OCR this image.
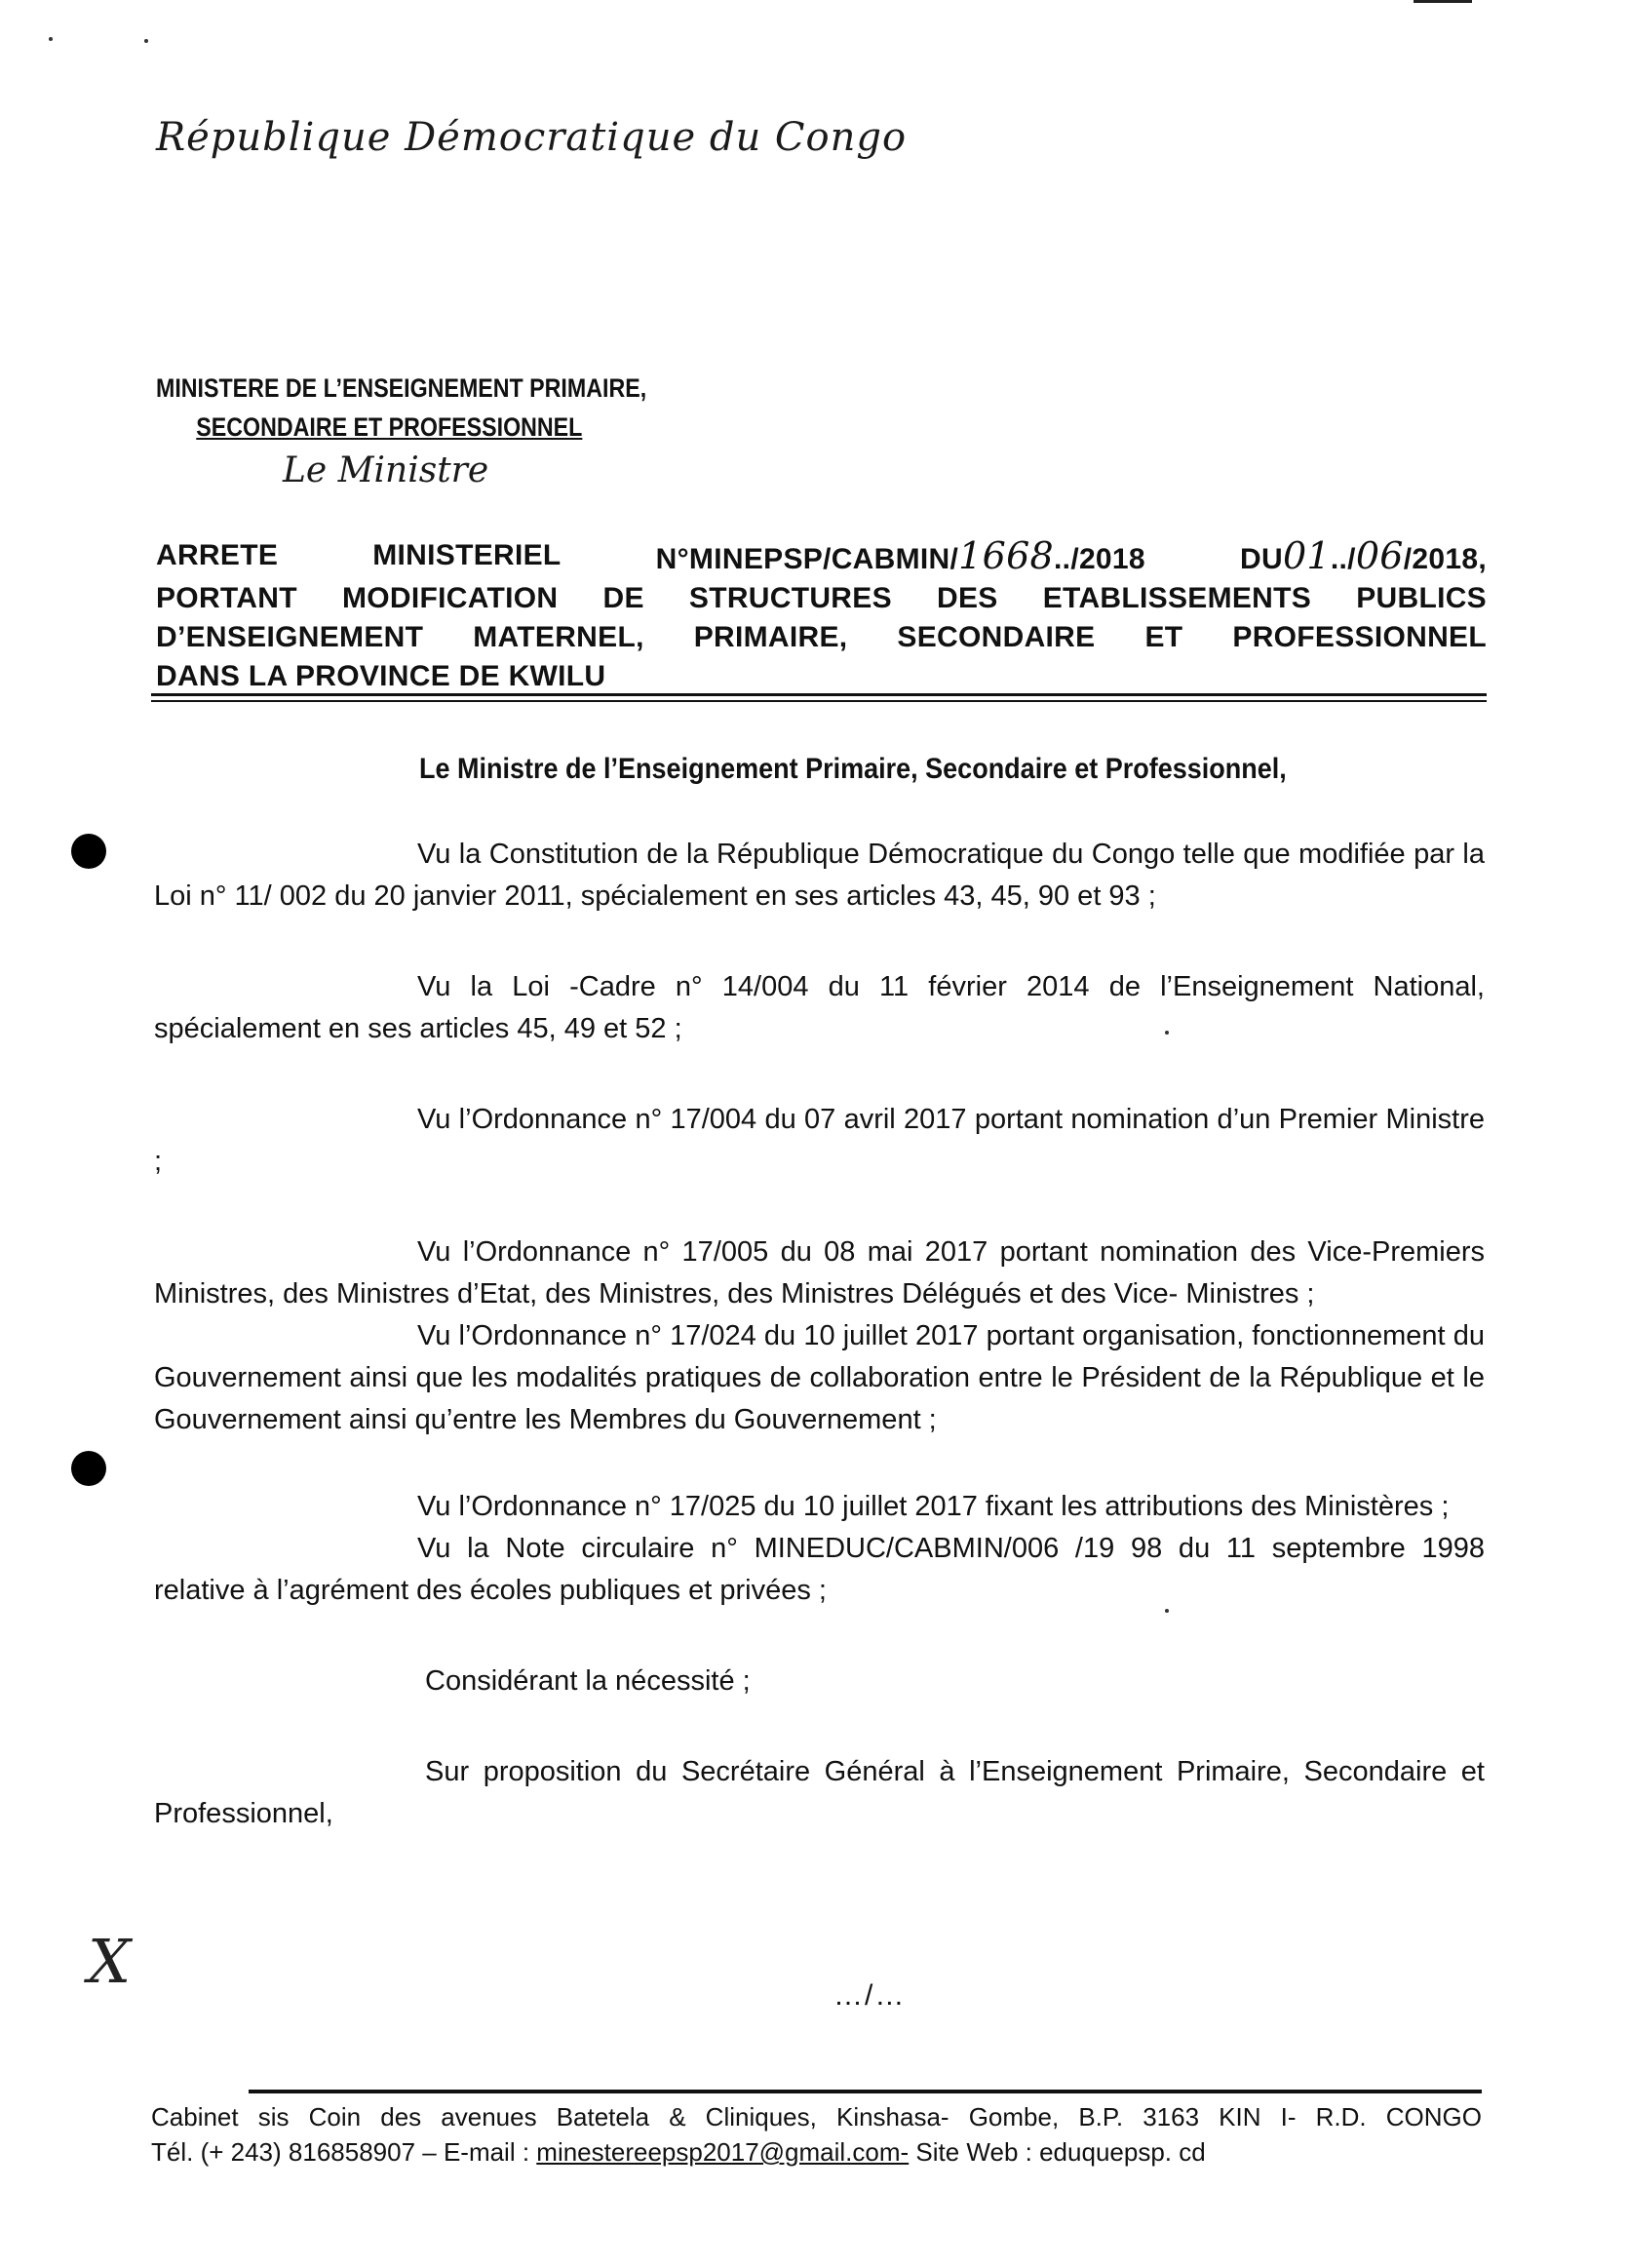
République Démocratique du Congo
MINISTERE DE L’ENSEIGNEMENT PRIMAIRE,
SECONDAIRE ET PROFESSIONNEL
Le Ministre
ARRETE	MINISTERIEL	N°MINEPSP/CABMIN/1668../2018	DU01../06/2018,
PORTANT MODIFICATION DE STRUCTURES DES ETABLISSEMENTS PUBLICS
D’ENSEIGNEMENT MATERNEL, PRIMAIRE, SECONDAIRE ET PROFESSIONNEL
DANS LA PROVINCE DE KWILU
Le Ministre de l’Enseignement Primaire, Secondaire et Professionnel,

Vu la Constitution de la République Démocratique du Congo telle que modifiée par la Loi n° 11/ 002 du 20 janvier 2011, spécialement en ses articles 43, 45, 90 et 93 ;

Vu la Loi -Cadre n° 14/004 du 11 février 2014 de l’Enseignement National, spécialement en ses articles 45, 49 et 52 ;

Vu l’Ordonnance n° 17/004 du 07 avril 2017 portant nomination d’un Premier Ministre ;

Vu l’Ordonnance n° 17/005 du 08 mai 2017 portant nomination des Vice-Premiers Ministres, des Ministres d’Etat, des Ministres, des Ministres Délégués et des Vice- Ministres ;

Vu l’Ordonnance n° 17/024 du 10 juillet 2017 portant organisation, fonctionnement du Gouvernement ainsi que les modalités pratiques de collaboration entre le Président de la République et le Gouvernement ainsi qu’entre les Membres du Gouvernement ;

Vu l’Ordonnance n° 17/025 du 10 juillet 2017 fixant les attributions des Ministères ;

Vu la Note circulaire n° MINEDUC/CABMIN/006 /19 98 du 11 septembre 1998 relative à l’agrément des écoles publiques et privées ;

Considérant la nécessité ;

Sur proposition du Secrétaire Général à l’Enseignement Primaire, Secondaire et Professionnel,

X	…/…
Cabinet sis Coin des avenues Batetela & Cliniques, Kinshasa- Gombe, B.P. 3163 KIN I- R.D. CONGO
Tél. (+ 243) 816858907 – E-mail : minestereepsp2017@gmail.com- Site Web : eduquepsp. cd
